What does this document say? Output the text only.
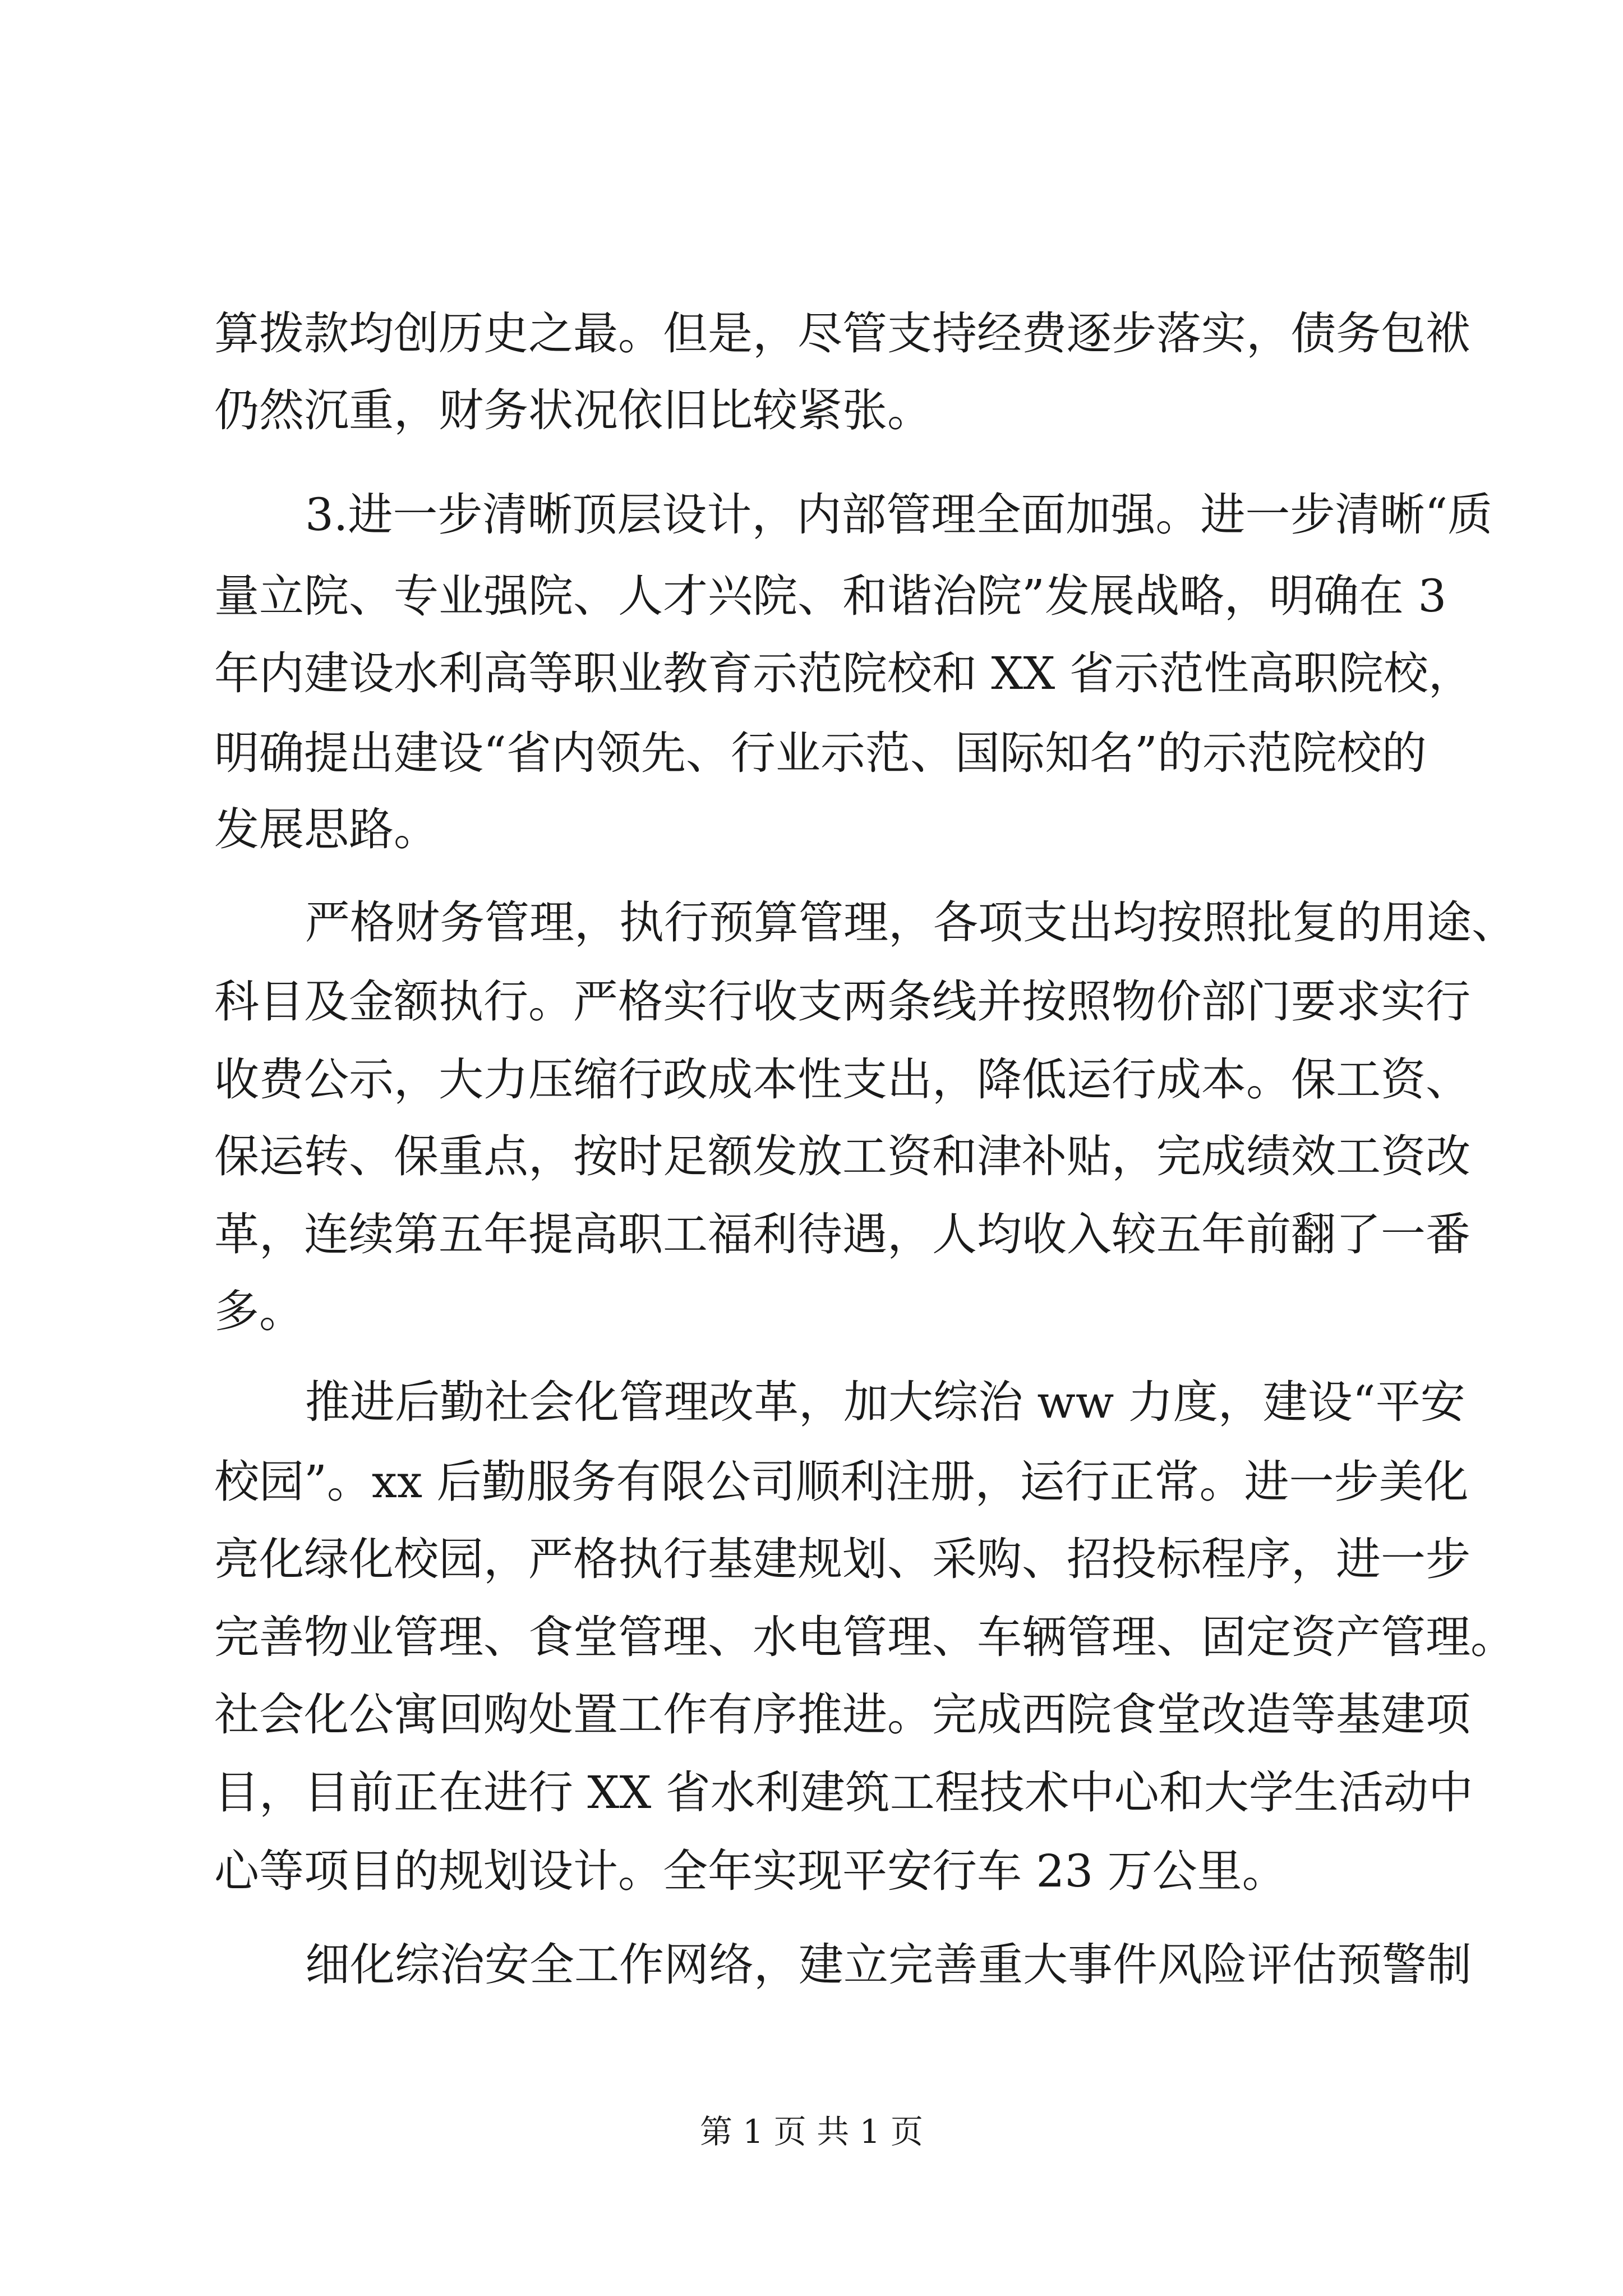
算拨款均创历史之最。但是，尽管支持经费逐步落实，债务包袱
仍然沉重，财务状况依旧比较紧张。
3.进一步清晰顶层设计，内部管理全面加强。进一步清晰“质
量立院、专业强院、人才兴院、和谐治院”发展战略，明确在 3
年内建设水利高等职业教育示范院校和 XX 省示范性高职院校，
明确提出建设“省内领先、行业示范、国际知名”的示范院校的
发展思路。
严格财务管理，执行预算管理，各项支出均按照批复的用途、
科目及金额执行。严格实行收支两条线并按照物价部门要求实行
收费公示，大力压缩行政成本性支出，降低运行成本。保工资、
保运转、保重点，按时足额发放工资和津补贴，完成绩效工资改
革，连续第五年提高职工福利待遇，人均收入较五年前翻了一番
多。
推进后勤社会化管理改革，加大综治 ww 力度，建设“平安
校园”。xx 后勤服务有限公司顺利注册，运行正常。进一步美化
亮化绿化校园，严格执行基建规划、采购、招投标程序，进一步
完善物业管理、食堂管理、水电管理、车辆管理、固定资产管理。
社会化公寓回购处置工作有序推进。完成西院食堂改造等基建项
目，目前正在进行 XX 省水利建筑工程技术中心和大学生活动中
心等项目的规划设计。全年实现平安行车 23 万公里。
细化综治安全工作网络，建立完善重大事件风险评估预警制
第 1 页 共 1 页
